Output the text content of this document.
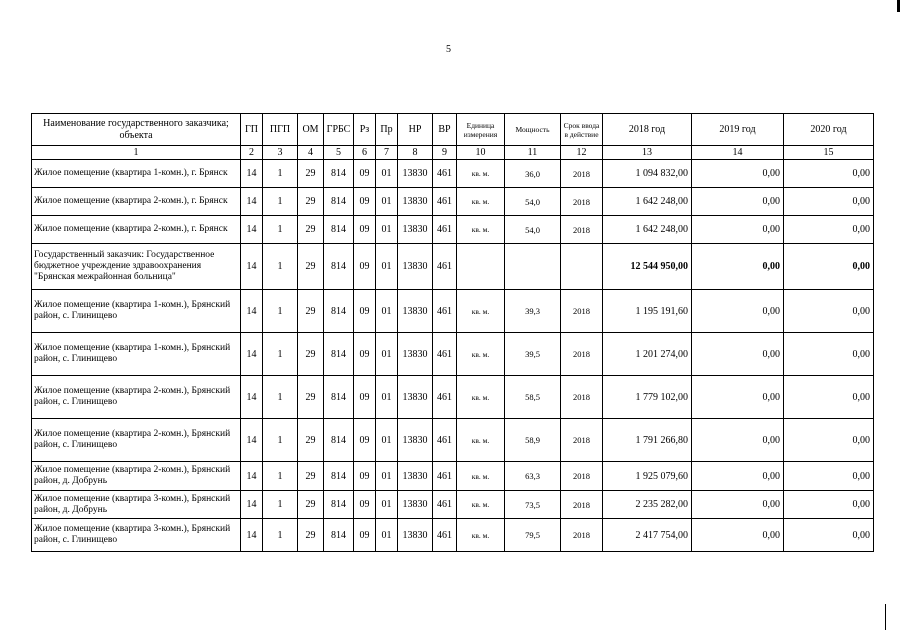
5
Наименование государственного заказчика; объекта	ГП	ПГП	ОМ	ГРБС	Рз	Пр	НР	ВР	Единица измерения	Мощность	Срок ввода в действие	2018 год	2019 год	2020 год
1	2	3	4	5	6	7	8	9	10	11	12	13	14	15
Жилое помещение (квартира 1-комн.), г. Брянск	14	1	29	814	09	01	13830	461	кв. м.	36,0	2018	1 094 832,00	0,00	0,00
Жилое помещение (квартира 2-комн.), г. Брянск	14	1	29	814	09	01	13830	461	кв. м.	54,0	2018	1 642 248,00	0,00	0,00
Жилое помещение (квартира 2-комн.), г. Брянск	14	1	29	814	09	01	13830	461	кв. м.	54,0	2018	1 642 248,00	0,00	0,00
Государственный заказчик: Государственное бюджетное учреждение здравоохранения "Брянская межрайонная больница"	14	1	29	814	09	01	13830	461				12 544 950,00	0,00	0,00
Жилое помещение (квартира 1-комн.), Брянский район, с. Глинищево	14	1	29	814	09	01	13830	461	кв. м.	39,3	2018	1 195 191,60	0,00	0,00
Жилое помещение (квартира 1-комн.), Брянский район, с. Глинищево	14	1	29	814	09	01	13830	461	кв. м.	39,5	2018	1 201 274,00	0,00	0,00
Жилое помещение (квартира 2-комн.), Брянский район, с. Глинищево	14	1	29	814	09	01	13830	461	кв. м.	58,5	2018	1 779 102,00	0,00	0,00
Жилое помещение (квартира 2-комн.), Брянский район, с. Глинищево	14	1	29	814	09	01	13830	461	кв. м.	58,9	2018	1 791 266,80	0,00	0,00
Жилое помещение (квартира 2-комн.), Брянский район, д. Добрунь	14	1	29	814	09	01	13830	461	кв. м.	63,3	2018	1 925 079,60	0,00	0,00
Жилое помещение (квартира 3-комн.), Брянский район, д. Добрунь	14	1	29	814	09	01	13830	461	кв. м.	73,5	2018	2 235 282,00	0,00	0,00
Жилое помещение (квартира 3-комн.), Брянский район, с. Глинищево	14	1	29	814	09	01	13830	461	кв. м.	79,5	2018	2 417 754,00	0,00	0,00
